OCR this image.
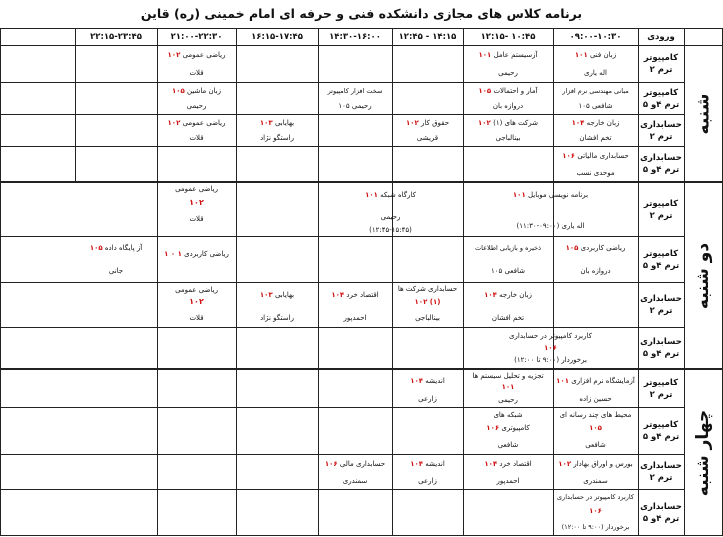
برنامه کلاس های مجازی دانشکده فنی و حرفه ای امام خمینی (ره) قاین
ورودی
۰۹:۰۰-۱۰:۳۰
۱۰:۴۵ -۱۲:۱۵
۱۴:۱۵ - ۱۲:۴۵
۱۴:۳۰-۱۶:۰۰
۱۶:۱۵-۱۷:۴۵
۲۱:۰۰-۲۲:۳۰
۲۲:۱۵-۲۳:۴۵
شنبه
دو شنبه
چهار شنبه
کامپیوتر ترم ۲
کامپیوتر ترم ۴و ۵
حسابداری ترم ۲
حسابداری ترم ۴و ۵
کامپیوتر ترم ۲
کامپیوتر ترم ۴و ۵
حسابداری ترم ۲
حسابداری ترم ۴و ۵
کامپیوتر ترم ۲
کامپیوتر ترم ۴و ۵
حسابداری ترم ۲
حسابداری ترم ۴و ۵
زبان فنی

۱۰۱
اله یاری
آزسیستم عامل

۱۰۱
رحیمی
ریاضی عمومی

۱۰۲
قلات
مبانی مهندسی نرم افزار
شافعی ۱۰۵
آمار و احتمالات

۱۰۵
دروازه بان
سخت افزار کامپیوتر
رحیمی ۱۰۵
زبان ماشین

۱۰۵
رحیمی
زبان خارجه

۱۰۴
تخم افشان
شرکت های (۱)

۱۰۲
بینالباجی
حقوق کار

۱۰۲
قریشی
بهایابی

۱۰۳
راستگو نژاد
ریاضی عمومی

۱۰۲
قلات
حسابداری مالیاتی

۱۰۶
موحدی نسب
برنامه نویسی موبایل

۱۰۱
اله یاری (۰۹:۰۰-۱۱:۳۰)
کارگاه شبکه

۱۰۱
رحیمی
(۱۲:۴۵-۱۵:۴۵)
ریاضی عمومی
۱۰۲
قلات
ریاضی کاربردی

۱۰۵
دروازه بان
ذخیره و بازیابی اطلاعات
شافعی ۱۰۵
ریاضی کاربردی

۱ ۰ ۱
آز پایگاه داده

۱۰۵
جانی
زبان خارجه

۱۰۴
تخم افشان
حسابداری شرکت ها
(۱) ۱۰۲
بینالباجی
اقتصاد خرد

۱۰۴
احمدپور
بهایابی

۱۰۳
راستگو نژاد
ریاضی عمومی
۱۰۲
قلات
کاربرد کامپیوتر در حسابداری
۱۰۶
برخوردار (۹:۰۰ تا ۱۲:۰۰)
آزمایشگاه نرم افزاری

۱۰۱
حسین زاده
تجزیه و تحلیل سیستم ها
۱۰۱
رحیمی
اندیشه

۱۰۴
زارعی
محیط های چند رسانه ای
۱۰۵
شافعی
شبکه های
کامپیوتری

۱۰۶
شافعی
بورس و اوراق بهادار

۱۰۲
سمندری
اقتصاد خرد

۱۰۴
احمدپور
اندیشه

۱۰۴
زارعی
حسابداری مالی

۱۰۶
سمندری
کاربرد کامپیوتر در حسابداری
۱۰۶
برخوردار (۹:۰۰ تا ۱۲:۰۰)
